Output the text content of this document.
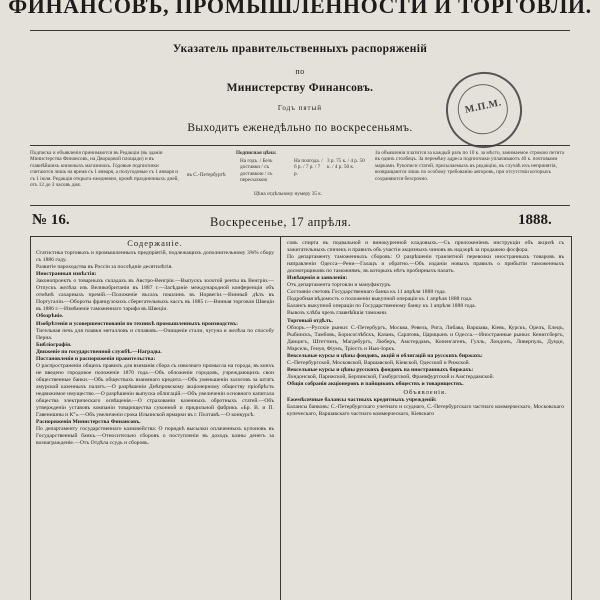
ФИНАНСОВЪ, ПРОМЫШЛЕННОСТИ И ТОРГОВЛИ.
Указатель правительственныхъ распоряженій
по
Министерству Финансовъ.
Годъ пятый
Выходитъ еженедѣльно по воскресеньямъ.
М.П.М.
Подписка и объявленія принимаются въ Редакціи (въ зданіи Министерства Финансовъ, на Дворцовой площади) и въ главнѣйшихъ книжныхъ магазинахъ. Годовые подписчики считаются лишь на время съ 1 января, а полугодовые съ 1 января и съ 1 іюля. Редакція открыта ежедневно, кромѣ праздничныхъ дней, отъ 12 до 3 часовъ дня.
Подписная цѣна:
въ С.-Петербургѣ
На годъ. / Безъ доставки / съ доставкою / съ пересылкою
На полгода. / 6 р. / 7 р. / 7 р.
3 р. 75 к. / 4 р. 50 к. / 4 р. 50 к.
Цѣна отдѣльному нумеру 35 к.
За объявленія платится за каждый разъ по 10 к. за мѣсто, занимаемое строкою петита въ одинъ столбецъ. За перемѣну адреса подписчики уплачиваютъ 40 к. почтовыми марками. Рукописи статей, присылаемыхъ въ редакцію, въ случаѣ ихъ непринятія, возвращаются лишь по особому требованію авторовъ, при отсутствіи которыхъ сохраняются безсрочно.
№ 16.	Воскресенье, 17 апрѣля.	1888.

Содержаніе.

Статистика торговыхъ и промышленныхъ предпріятій, подлежащихъ дополнительному 3⅝% сбору съ 1886 году.

Развитіе пароходства въ Россіи за послѣдніе десятилѣтія.

Иностранныя извѣстія:

Законопроектъ о товарныхъ складахъ въ Австро-Венгріи.—Выпускъ золотой ренты въ Венгріи.—Отпускъ желѣза изъ Великобританіи въ 1887 г.—Засѣданіе международной конференціи объ отмѣнѣ сахарныхъ премій.—Положеніе въсахъ пошлинъ въ Норвегіи.—Винный дѣлъ въ Португаліи.—Обороты французскихъ сберегательныхъ кассъ въ 1885 г.—Винная торговля Швеціи въ 1886 г.—Измѣненіе таможеннаго тарифа въ Швеціи.

Обозрѣніе.

Изобрѣтенія и усовершенствованія по техникѣ промышленныхъ производствъ:

Тигельная печь для плавки металловъ и сплавовъ.—Очищеніе стали, чугуна и желѣза по способу Перна.

Библіографія.

Движеніе по государственной службѣ.—Награды.

Постановленія и распоряженія правительства:

О распространеніи общихъ правилъ для взиманія сбора съ извознаго промысла на города, въ конхъ не введено городовое положеніе 1870 года.—Объ обложеніи городовъ, учреждающихъ свои общественные банки.—Объ обществахъ взаимнаго кредита.—Объ уменьшеніи залоговъ за штатъ амурской казенныхъ палатъ.—О разрѣшеніи Днѣпровскому акціонерному обществу пріобрѣсть недвижимое имущество.—О разрѣшеніи выпуска облигацій.—Объ увеличеніи основного капитала общества электрическаго освѣщенія.—О страхованіи казенныхъ обротныхъ статей.—Объ утвержденіи уставовъ компаніи товарищества суконной и прядильной фабрикъ «Бр. В. и П. Гавенишны и К°».—Объ увеличеніи срока Ильинской ярмарки въ г. Полтавѣ.—О конкурсѣ.

Распоряженія Министерства Финансовъ.

По департаменту государственнаго казначейства: О порядкѣ высылки оплаченныхъ купоновъ въ Государственный банкъ.—Относительно сборовъ о поступленіи въ доходъ казны денегъ за вознагражденіе.—Отъ Отдѣла ссудъ и сборовъ.

совъ спирта въ подвальной и винокуренной кладовыхъ.—Съ приложеніемъ инструкціи объ акцизѣ съ зажигательныхъ спичекъ и правилъ объ участіи акцизныхъ чиновъ въ надзорѣ за продажею фосфора.

По департаменту таможенныхъ сборовъ: О разрѣшеніи транзитной перевозки иностранныхъ товаровъ въ направленіи Одесса—Рени—Галацъ и обратно.—Объ изданіи новыхъ правилъ о прибытіи таможенныхъ досмотрщиковъ по таможнямъ, въ которыхъ нѣтъ пробирныхъ палатъ.

Извѣщенія и заявленія:

Отъ департамента торговли и мануфактуръ.

Состояніе счетовъ Государственнаго банка къ 11 апрѣля 1888 года.

Подробная вѣдомость о положеніи выкупной операціи къ 1 апрѣля 1888 года.

Балансъ выкупной операціи по Государственному банку къ 1 апрѣля 1888 года.

Вывозъ хлѣба чрезъ главнѣйшія таможни.

Торговый отдѣлъ.

Обзоръ.—Русскіе рынки: С.-Петербургъ, Москва, Ревель, Рига, Либава, Варшава, Кіевъ, Курскъ, Орелъ, Елецъ, Рыбинскъ, Тамбовъ, Борисоглѣбскъ, Казань, Саратовъ, Царицынъ и Одесса.—Иностранные рынки: Кенигсбергъ, Данцигъ, Штеттинъ, Магдебургъ, Люберъ, Амстердамъ, Копенгагенъ, Гулль, Лондонъ, Ливерпуль, Дунди, Марсель, Генуя, Фіумъ, Тріестъ и Нью-Іоркъ.

Вексельные курсы и цѣны фондовъ, акцій и облигацій на русскихъ биржахъ:

С.-Петербургской, Московской, Варшавской, Кіевской, Одесской и Рижской.

Вексельные курсы и цѣны русскихъ фондовъ на иностранныхъ биржахъ:

Лондонской, Парижской, Берлинской, Гамбургской, Франкфуртской и Амстердамской.

Общія собранія акціонеровъ и пайщиковъ обществъ и товариществъ.

Объявленія.

Ежемѣсячные балансы частныхъ кредитныхъ учрежденій:

Балансы банковъ: С.-Петербургскаго учетнаго и ссуднаго, С.-Петербургскаго частнаго коммерческаго, Московскаго купеческаго, Варшавскаго частнаго коммерческаго, Кіевскаго
